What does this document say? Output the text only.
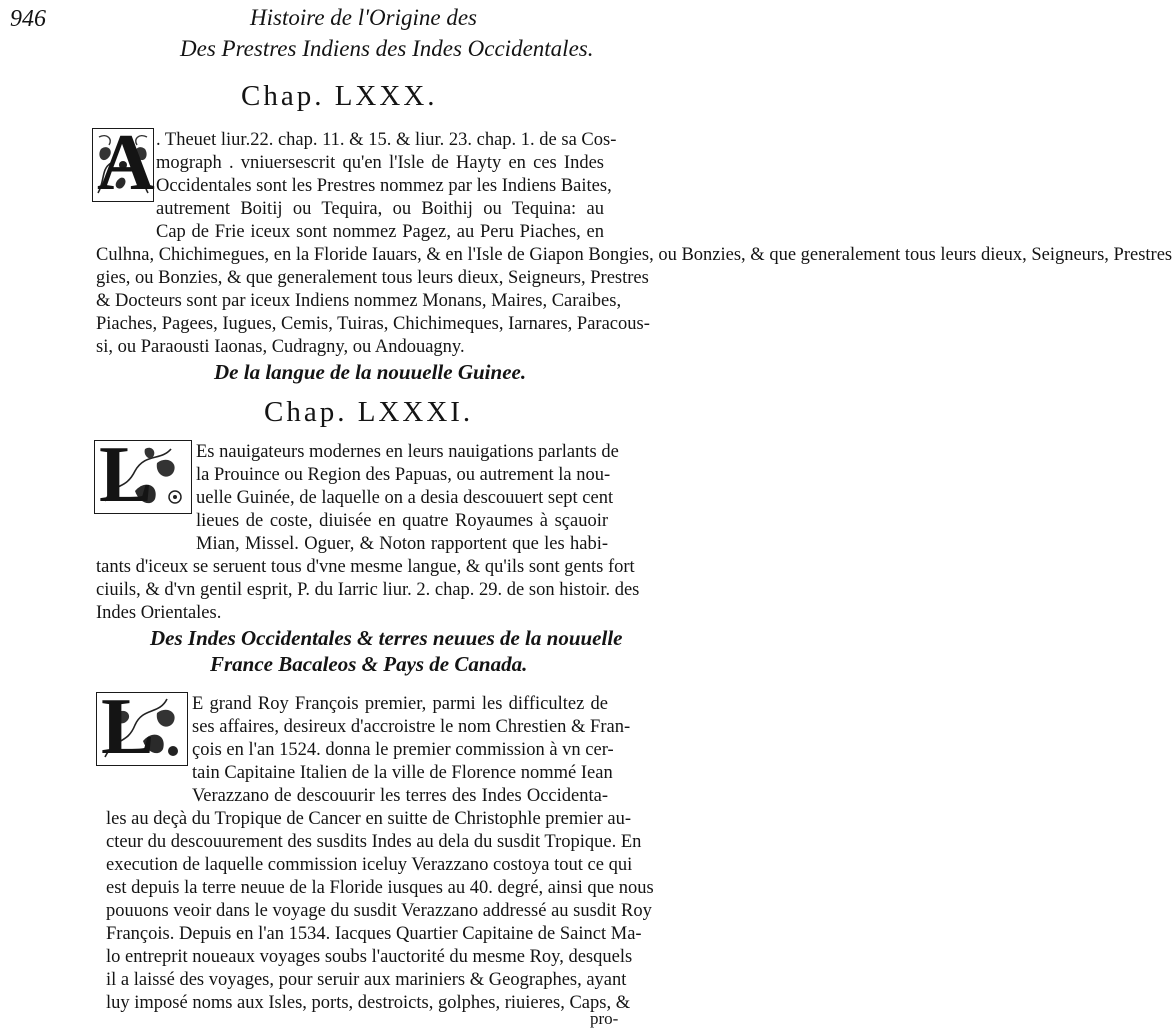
946	Histoire de l'Origine des
Des Prestres Indiens des Indes Occidentales.
Chap. LXXX.
A . Theuet liur.22. chap. 11. & 15. & liur. 23. chap. 1. de sa Cos-
mograph . vniuersescrit qu'en l'Isle de Hayty en ces Indes
Occidentales sont les Prestres nommez par les Indiens Baites,
autrement Boitij ou Tequira, ou Boithij ou Tequina: au
Cap de Frie iceux sont nommez Pagez, au Peru Piaches, en
Culhna, Chichimegues, en la Floride Iauars, & en l'Isle de Giapon Bongies, ou Bonzies, & que generalement tous leurs dieux, Seigneurs, Prestres
gies, ou Bonzies, & que generalement tous leurs dieux, Seigneurs, Prestres
& Docteurs sont par iceux Indiens nommez Monans, Maires, Caraibes,
Piaches, Pagees, Iugues, Cemis, Tuiras, Chichimeques, Iarnares, Paracous-
si, ou Paraousti Iaonas, Cudragny, ou Andouagny.
De la langue de la nouuelle Guinee.
Chap. LXXXI.
L Es nauigateurs modernes en leurs nauigations parlants de
la Prouince ou Region des Papuas, ou autrement la nou-
uelle Guinée, de laquelle on a desia descouuert sept cent
lieues de coste, diuisée en quatre Royaumes à sçauoir
Mian, Missel. Oguer, & Noton rapportent que les habi-
tants d'iceux se seruent tous d'vne mesme langue, & qu'ils sont gents fort
ciuils, & d'vn gentil esprit, P. du Iarric liur. 2. chap. 29. de son histoir. des
Indes Orientales.
Des Indes Occidentales & terres neuues de la nouuelle
France Bacaleos & Pays de Canada.
L E grand Roy François premier, parmi les difficultez de
ses affaires, desireux d'accroistre le nom Chrestien & Fran-
çois en l'an 1524. donna le premier commission à vn cer-
tain Capitaine Italien de la ville de Florence nommé Iean
Verazzano de descouurir les terres des Indes Occidenta-
les au deçà du Tropique de Cancer en suitte de Christophle premier au-
cteur du descouurement des susdits Indes au dela du susdit Tropique. En
execution de laquelle commission iceluy Verazzano costoya tout ce qui
est depuis la terre neuue de la Floride iusques au 40. degré, ainsi que nous
pouuons veoir dans le voyage du susdit Verazzano addressé au susdit Roy
François. Depuis en l'an 1534. Iacques Quartier Capitaine de Sainct Ma-
lo entreprit noueaux voyages soubs l'auctorité du mesme Roy, desquels
il a laissé des voyages, pour seruir aux mariniers & Geographes, ayant
luy imposé noms aux Isles, ports, destroicts, golphes, riuieres, Caps, &
pro-
